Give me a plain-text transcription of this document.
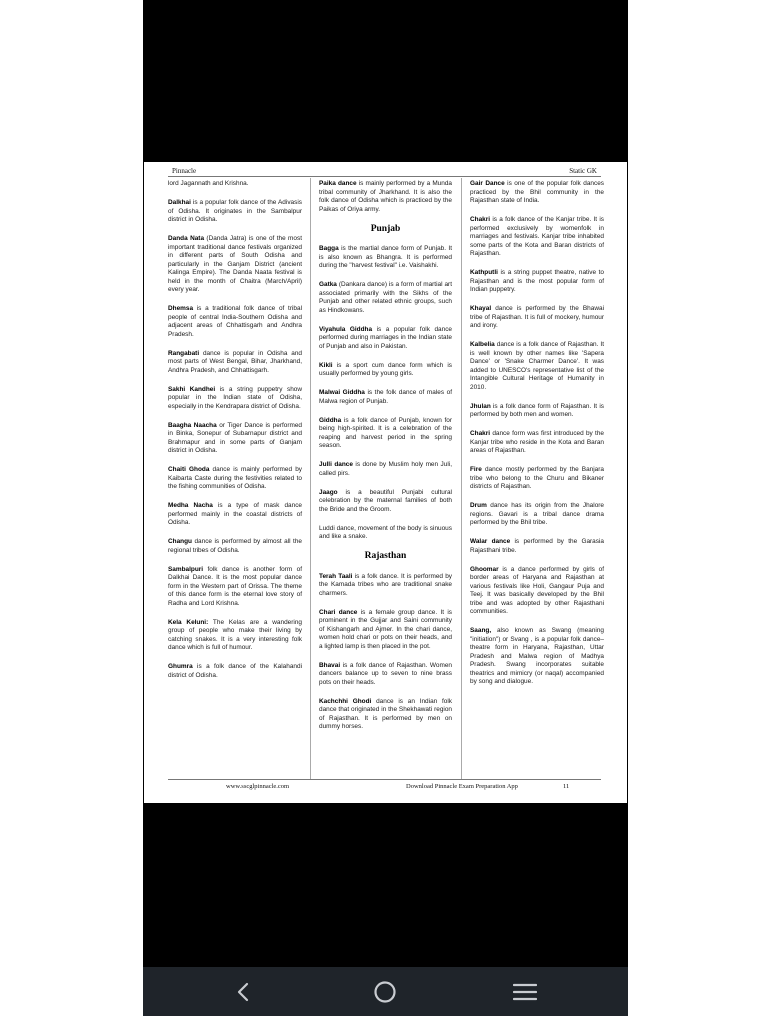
Pinnacle	Static GK
lord Jagannath and Krishna.
Dalkhai is a popular folk dance of the Adivasis of Odisha. It originates in the Sambalpur district in Odisha.
Danda Nata (Danda Jatra) is one of the most important traditional dance festivals organized in different parts of South Odisha and particularly in the Ganjam District (ancient Kalinga Empire). The Danda Naata festival is held in the month of Chaitra (March/April) every year.
Dhemsa is a traditional folk dance of tribal people of central India-Southern Odisha and adjacent areas of Chhattisgarh and Andhra Pradesh.
Rangabati dance is popular in Odisha and most parts of West Bengal, Bihar, Jharkhand, Andhra Pradesh, and Chhattisgarh.
Sakhi Kandhei is a string puppetry show popular in the Indian state of Odisha, especially in the Kendrapara district of Odisha.
Baagha Naacha or Tiger Dance is performed in Binka, Sonepur of Subarnapur district and Brahmapur and in some parts of Ganjam district in Odisha.
Chaiti Ghoda dance is mainly performed by Kaibarta Caste during the festivities related to the fishing communities of Odisha.
Medha Nacha is a type of mask dance performed mainly in the coastal districts of Odisha.
Changu dance is performed by almost all the regional tribes of Odisha.
Sambalpuri folk dance is another form of Dalkhai Dance. It is the most popular dance form in the Western part of Orissa. The theme of this dance form is the eternal love story of Radha and Lord Krishna.
Kela Keluni: The Kelas are a wandering group of people who make their living by catching snakes. It is a very interesting folk dance which is full of humour.
Ghumra is a folk dance of the Kalahandi district of Odisha.
Paika dance is mainly performed by a Munda tribal community of Jharkhand. It is also the folk dance of Odisha which is practiced by the Paikas of Oriya army.
Punjab
Bagga is the martial dance form of Punjab. It is also known as Bhangra. It is performed during the "harvest festival" i.e. Vaishakhi.
Gatka (Dankara dance) is a form of martial art associated primarily with the Sikhs of the Punjab and other related ethnic groups, such as Hindkowans.
Viyahula Giddha is a popular folk dance performed during marriages in the Indian state of Punjab and also in Pakistan.
Kikli is a sport cum dance form which is usually performed by young girls.
Malwai Giddha is the folk dance of males of Malwa region of Punjab.
Giddha is a folk dance of Punjab, known for being high-spirited. It is a celebration of the reaping and harvest period in the spring season.
Julli dance is done by Muslim holy men Juli, called pirs.
Jaago is a beautiful Punjabi cultural celebration by the maternal families of both the Bride and the Groom.
Luddi dance, movement of the body is sinuous and like a snake.
Rajasthan
Terah Taali is a folk dance. It is performed by the Kamada tribes who are traditional snake charmers.
Chari dance is a female group dance. It is prominent in the Gujjar and Saini community of Kishangarh and Ajmer. In the chari dance, women hold chari or pots on their heads, and a lighted lamp is then placed in the pot.
Bhavai is a folk dance of Rajasthan. Women dancers balance up to seven to nine brass pots on their heads.
Kachchhi Ghodi dance is an Indian folk dance that originated in the Shekhawati region of Rajasthan. It is performed by men on dummy horses.
Gair Dance is one of the popular folk dances practiced by the Bhil community in the Rajasthan state of India.
Chakri is a folk dance of the Kanjar tribe. It is performed exclusively by womenfolk in marriages and festivals. Kanjar tribe inhabited some parts of the Kota and Baran districts of Rajasthan.
Kathputli is a string puppet theatre, native to Rajasthan and is the most popular form of Indian puppetry.
Khayal dance is performed by the Bhawai tribe of Rajasthan. It is full of mockery, humour and irony.
Kalbelia dance is a folk dance of Rajasthan. It is well known by other names like 'Sapera Dance' or 'Snake Charmer Dance'. It was added to UNESCO's representative list of the Intangible Cultural Heritage of Humanity in 2010.
Jhulan is a folk dance form of Rajasthan. It is performed by both men and women.
Chakri dance form was first introduced by the Kanjar tribe who reside in the Kota and Baran areas of Rajasthan.
Fire dance mostly performed by the Banjara tribe who belong to the Churu and Bikaner districts of Rajasthan.
Drum dance has its origin from the Jhalore regions. Gavari is a tribal dance drama performed by the Bhil tribe.
Walar dance is performed by the Garasia Rajasthani tribe.
Ghoomar is a dance performed by girls of border areas of Haryana and Rajasthan at various festivals like Holi, Gangaur Puja and Teej. It was basically developed by the Bhil tribe and was adopted by other Rajasthani communities.
Saang, also known as Swang (meaning "initiation") or Svang , is a popular folk dance–theatre form in Haryana, Rajasthan, Uttar Pradesh and Malwa region of Madhya Pradesh. Swang incorporates suitable theatrics and mimicry (or naqal) accompanied by song and dialogue.
www.sscglpinnacle.com	Download Pinnacle Exam Preparation App	11
